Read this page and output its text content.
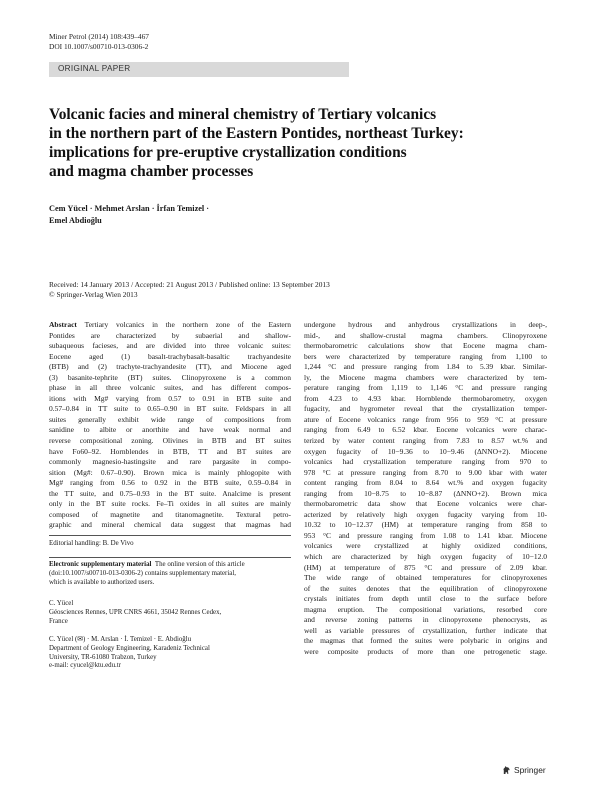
Miner Petrol (2014) 108:439–467
DOI 10.1007/s00710-013-0306-2
ORIGINAL PAPER
Volcanic facies and mineral chemistry of Tertiary volcanics
in the northern part of the Eastern Pontides, northeast Turkey:
implications for pre-eruptive crystallization conditions
and magma chamber processes
Cem Yücel · Mehmet Arslan · İrfan Temizel ·
Emel Abdioğlu
Received: 14 January 2013 / Accepted: 21 August 2013 / Published online: 13 September 2013
© Springer-Verlag Wien 2013
Abstract Tertiary volcanics in the northern zone of the Eastern
Pontides are characterized by subaerial and shallow-
subaqueous facieses, and are divided into three volcanic suites:
Eocene aged (1) basalt-trachybasalt-basaltic trachyandesite
(BTB) and (2) trachyte-trachyandesite (TT), and Miocene aged
(3) basanite-tephrite (BT) suites. Clinopyroxene is a common
phase in all three volcanic suites, and has different compos-
itions with Mg# varying from 0.57 to 0.91 in BTB suite and
0.57–0.84 in TT suite to 0.65–0.90 in BT suite. Feldspars in all
suites generally exhibit wide range of compositions from
sanidine to albite or anorthite and have weak normal and
reverse compositional zoning. Olivines in BTB and BT suites
have Fo60–92. Hornblendes in BTB, TT and BT suites are
commonly magnesio-hastingsite and rare pargasite in compo-
sition (Mg#: 0.67–0.90). Brown mica is mainly phlogopite with
Mg# ranging from 0.56 to 0.92 in the BTB suite, 0.59–0.84 in
the TT suite, and 0.75–0.93 in the BT suite. Analcime is present
only in the BT suite rocks. Fe–Ti oxides in all suites are mainly
composed of magnetite and titanomagnetite. Textural petro-
graphic and mineral chemical data suggest that magmas had
undergone hydrous and anhydrous crystallizations in deep-,
mid-, and shallow-crustal magma chambers. Clinopyroxene
thermobarometric calculations show that Eocene magma cham-
bers were characterized by temperature ranging from 1,100 to
1,244 °C and pressure ranging from 1.84 to 5.39 kbar. Similar-
ly, the Miocene magma chambers were characterized by tem-
perature ranging from 1,119 to 1,146 °C and pressure ranging
from 4.23 to 4.93 kbar. Hornblende thermobarometry, oxygen
fugacity, and hygrometer reveal that the crystallization temper-
ature of Eocene volcanics range from 956 to 959 °C at pressure
ranging from 6.49 to 6.52 kbar. Eocene volcanics were charac-
terized by water content ranging from 7.83 to 8.57 wt.% and
oxygen fugacity of 10−9.36 to 10−9.46 (ΔNNO+2). Miocene
volcanics had crystallization temperature ranging from 970 to
978 °C at pressure ranging from 8.70 to 9.00 kbar with water
content ranging from 8.04 to 8.64 wt.% and oxygen fugacity
ranging from 10−8.75 to 10−8.87 (ΔNNO+2). Brown mica
thermobarometric data show that Eocene volcanics were char-
acterized by relatively high oxygen fugacity varying from 10-
10.32 to 10−12.37 (HM) at temperature ranging from 858 to
953 °C and pressure ranging from 1.08 to 1.41 kbar. Miocene
volcanics were crystallized at highly oxidized conditions,
which are characterized by high oxygen fugacity of 10−12.0
(HM) at temperature of 875 °C and pressure of 2.09 kbar.
The wide range of obtained temperatures for clinopyroxenes
of the suites denotes that the equilibration of clinopyroxene
crystals initiates from depth until close to the surface before
magma eruption. The compositional variations, resorbed core
and reverse zoning patterns in clinopyroxene phenocrysts, as
well as variable pressures of crystallization, further indicate that
the magmas that formed the suites were polybaric in origins and
were composite products of more than one petrogenetic stage.
Editorial handling: B. De Vivo
Electronic supplementary material The online version of this article
(doi:10.1007/s00710-013-0306-2) contains supplementary material,
which is available to authorized users.
C. Yücel
Géosciences Rennes, UPR CNRS 4661, 35042 Rennes Cedex,
France
C. Yücel (✉) · M. Arslan · İ. Temizel · E. Abdioğlu
Department of Geology Engineering, Karadeniz Technical
University, TR-61080 Trabzon, Turkey
e-mail: cyucel@ktu.edu.tr
Springer
